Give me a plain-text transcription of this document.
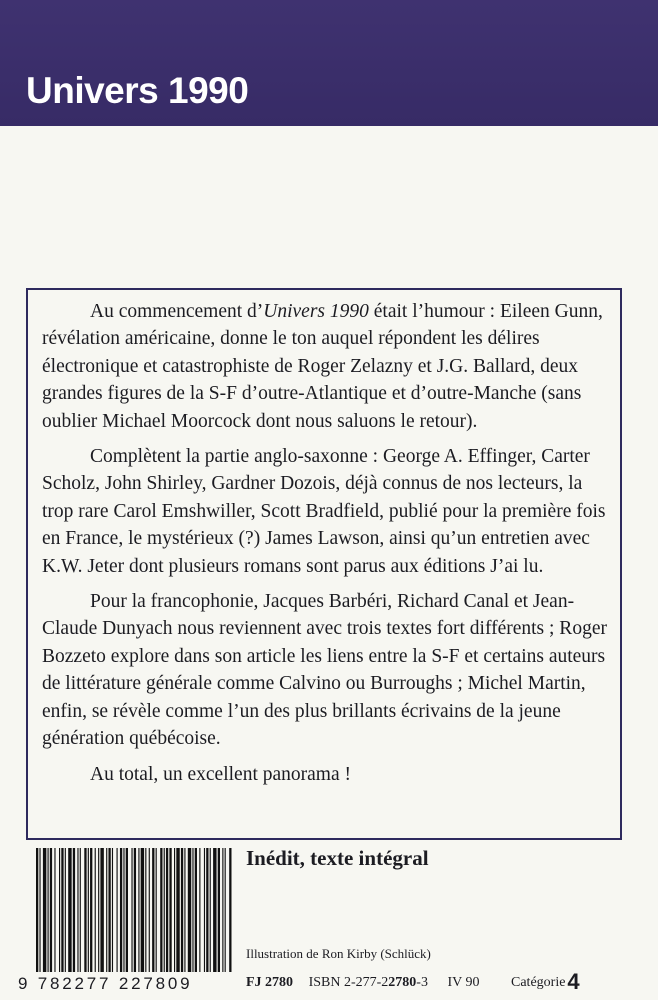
Univers 1990

Au commencement d’Univers 1990 était l’humour : Eileen Gunn, révélation américaine, donne le ton auquel répondent les délires électronique et catastrophiste de Roger Zelazny et J.G. Ballard, deux grandes figures de la S-F d’outre-Atlantique et d’outre-Manche (sans oublier Michael Moorcock dont nous saluons le retour).

Complètent la partie anglo-saxonne : George A. Effinger, Carter Scholz, John Shirley, Gardner Dozois, déjà connus de nos lecteurs, la trop rare Carol Emshwiller, Scott Bradfield, publié pour la première fois en France, le mystérieux (?) James Lawson, ainsi qu’un entretien avec K.W. Jeter dont plusieurs romans sont parus aux éditions J’ai lu.

Pour la francophonie, Jacques Barbéri, Richard Canal et Jean-Claude Dunyach nous reviennent avec trois textes fort différents ; Roger Bozzeto explore dans son article les liens entre la S-F et certains auteurs de littérature générale comme Calvino ou Burroughs ; Michel Martin, enfin, se révèle comme l’un des plus brillants écrivains de la jeune génération québécoise.

Au total, un excellent panorama !

9 782277 227809

Inédit, texte intégral

Illustration de Ron Kirby (Schlück)

FJ 2780 ISBN 2-277-22780-3 IV 90 Catégorie4
